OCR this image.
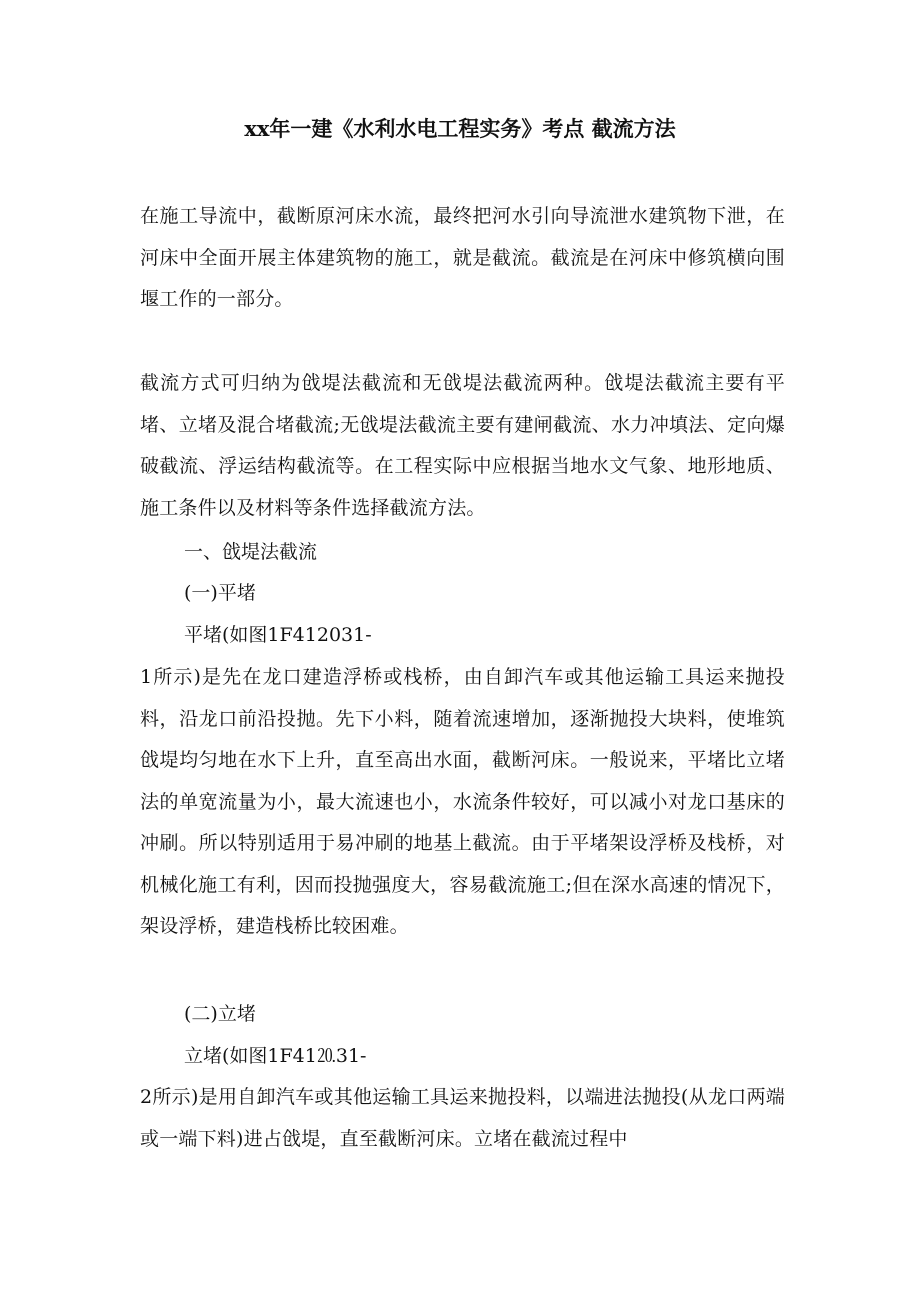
xx年一建《水利水电工程实务》考点 截流方法
在施工导流中，截断原河床水流，最终把河水引向导流泄水建筑物下泄，在河床中全面开展主体建筑物的施工，就是截流。截流是在河床中修筑横向围堰工作的一部分。
截流方式可归纳为戗堤法截流和无戗堤法截流两种。戗堤法截流主要有平堵、立堵及混合堵截流;无戗堤法截流主要有建闸截流、水力冲填法、定向爆破截流、浮运结构截流等。在工程实际中应根据当地水文气象、地形地质、施工条件以及材料等条件选择截流方法。
一、戗堤法截流
(一)平堵
平堵(如图1F412031-
1所示)是先在龙口建造浮桥或栈桥，由自卸汽车或其他运输工具运来抛投料，沿龙口前沿投抛。先下小料，随着流速增加，逐渐抛投大块料，使堆筑戗堤均匀地在水下上升，直至高出水面，截断河床。一般说来，平堵比立堵法的单宽流量为小，最大流速也小，水流条件较好，可以减小对龙口基床的冲刷。所以特别适用于易冲刷的地基上截流。由于平堵架设浮桥及栈桥，对机械化施工有利，因而投抛强度大，容易截流施工;但在深水高速的情况下，架设浮桥，建造栈桥比较困难。
(二)立堵
立堵(如图1F41⒛31-
2所示)是用自卸汽车或其他运输工具运来抛投料，以端进法抛投(从龙口两端或一端下料)进占戗堤，直至截断河床。立堵在截流过程中
